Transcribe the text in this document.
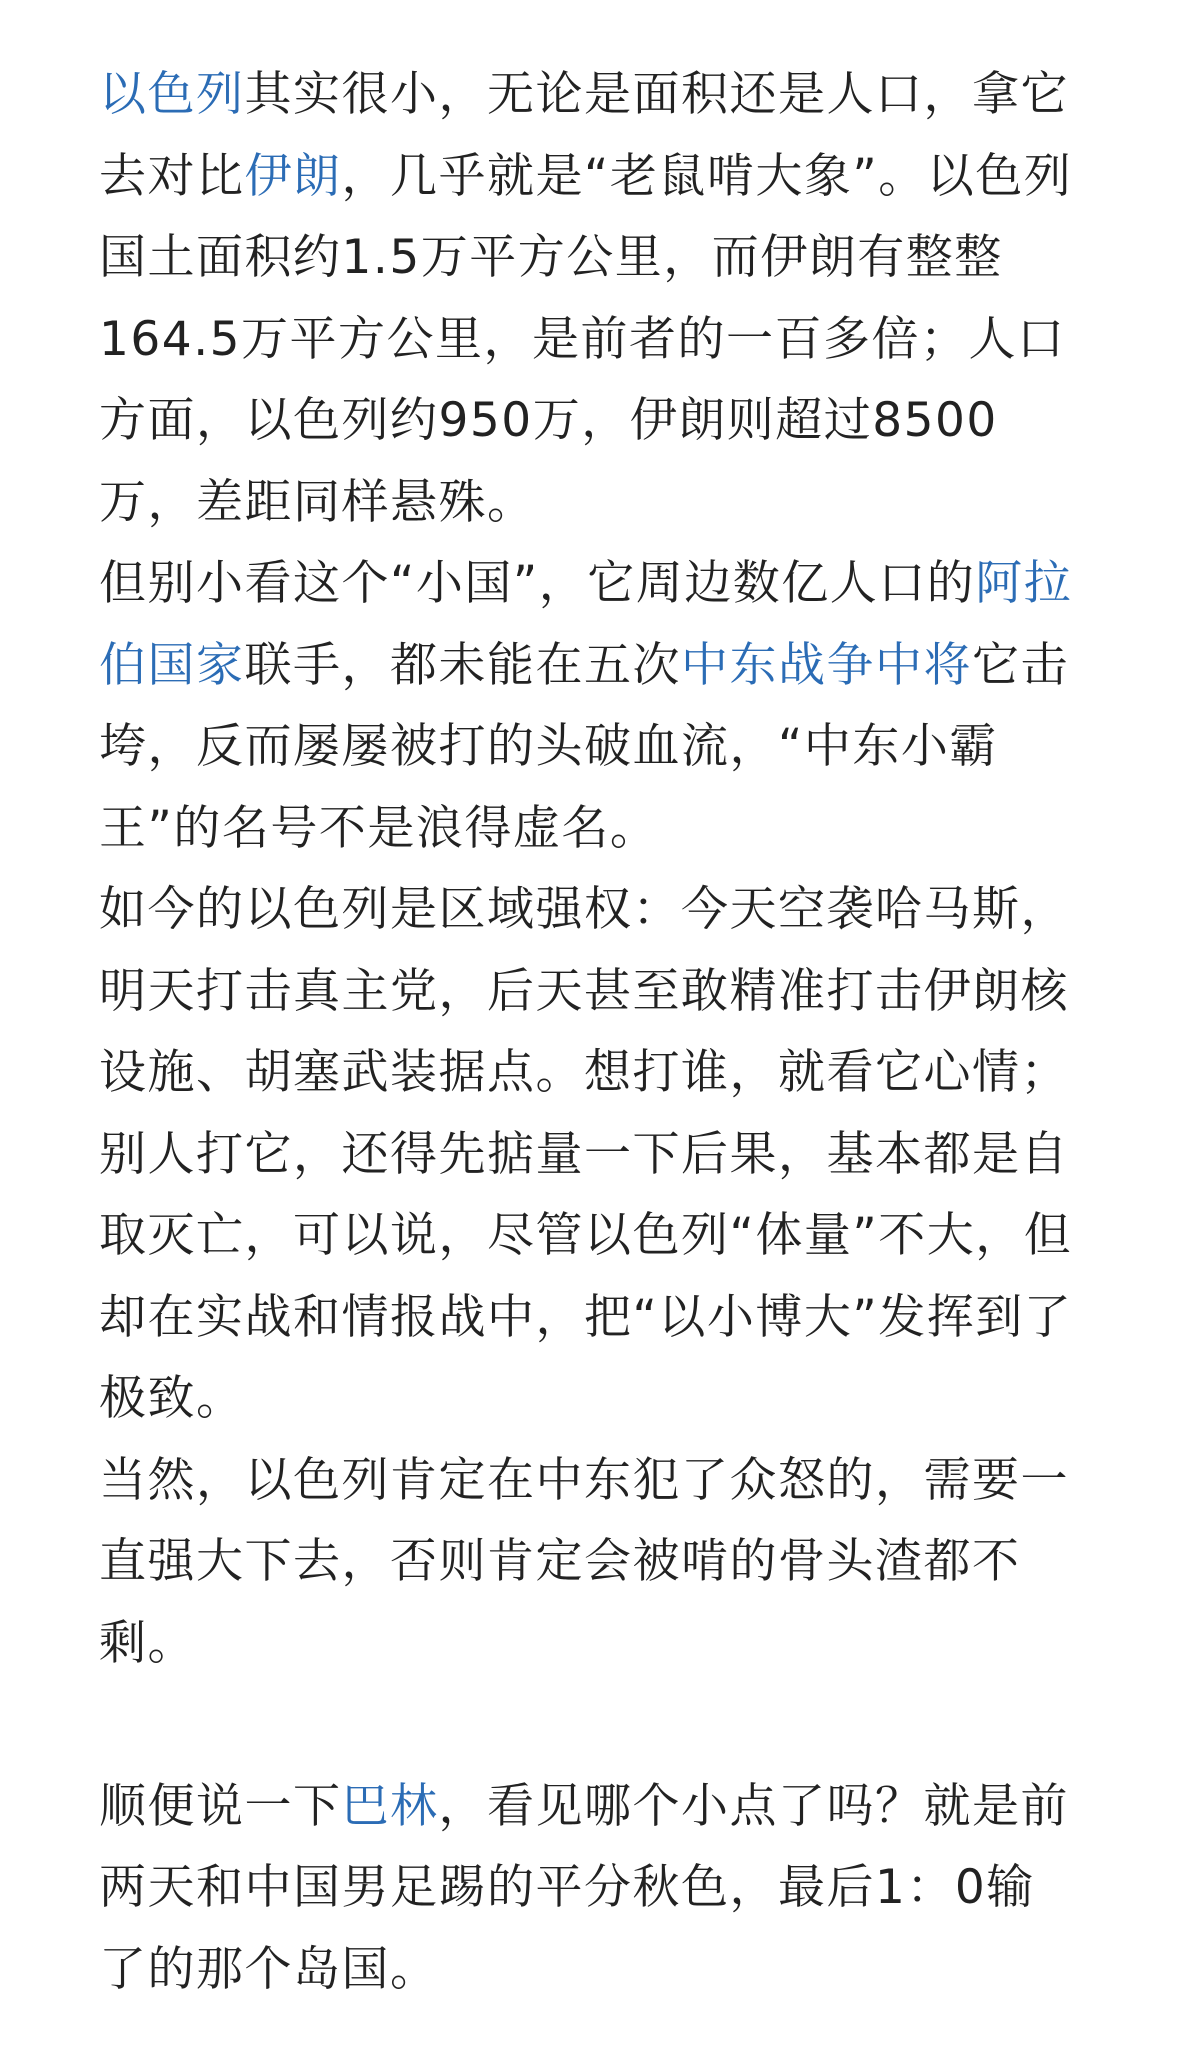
以色列其实很小，无论是面积还是人口，拿它去对比伊朗，几乎就是“老鼠啃大象”。以色列国土面积约1.5万平方公里，而伊朗有整整164.5万平方公里，是前者的一百多倍；人口方面，以色列约950万，伊朗则超过8500万，差距同样悬殊。

但别小看这个“小国”，它周边数亿人口的阿拉伯国家联手，都未能在五次中东战争中将它击垮，反而屡屡被打的头破血流，“中东小霸王”的名号不是浪得虚名。

如今的以色列是区域强权：今天空袭哈马斯，明天打击真主党，后天甚至敢精准打击伊朗核设施、胡塞武装据点。想打谁，就看它心情；别人打它，还得先掂量一下后果，基本都是自取灭亡，可以说，尽管以色列“体量”不大，但却在实战和情报战中，把“以小博大”发挥到了极致。

当然，以色列肯定在中东犯了众怒的，需要一直强大下去，否则肯定会被啃的骨头渣都不剩。

顺便说一下巴林，看见哪个小点了吗？就是前两天和中国男足踢的平分秋色，最后1：0输了的那个岛国。
